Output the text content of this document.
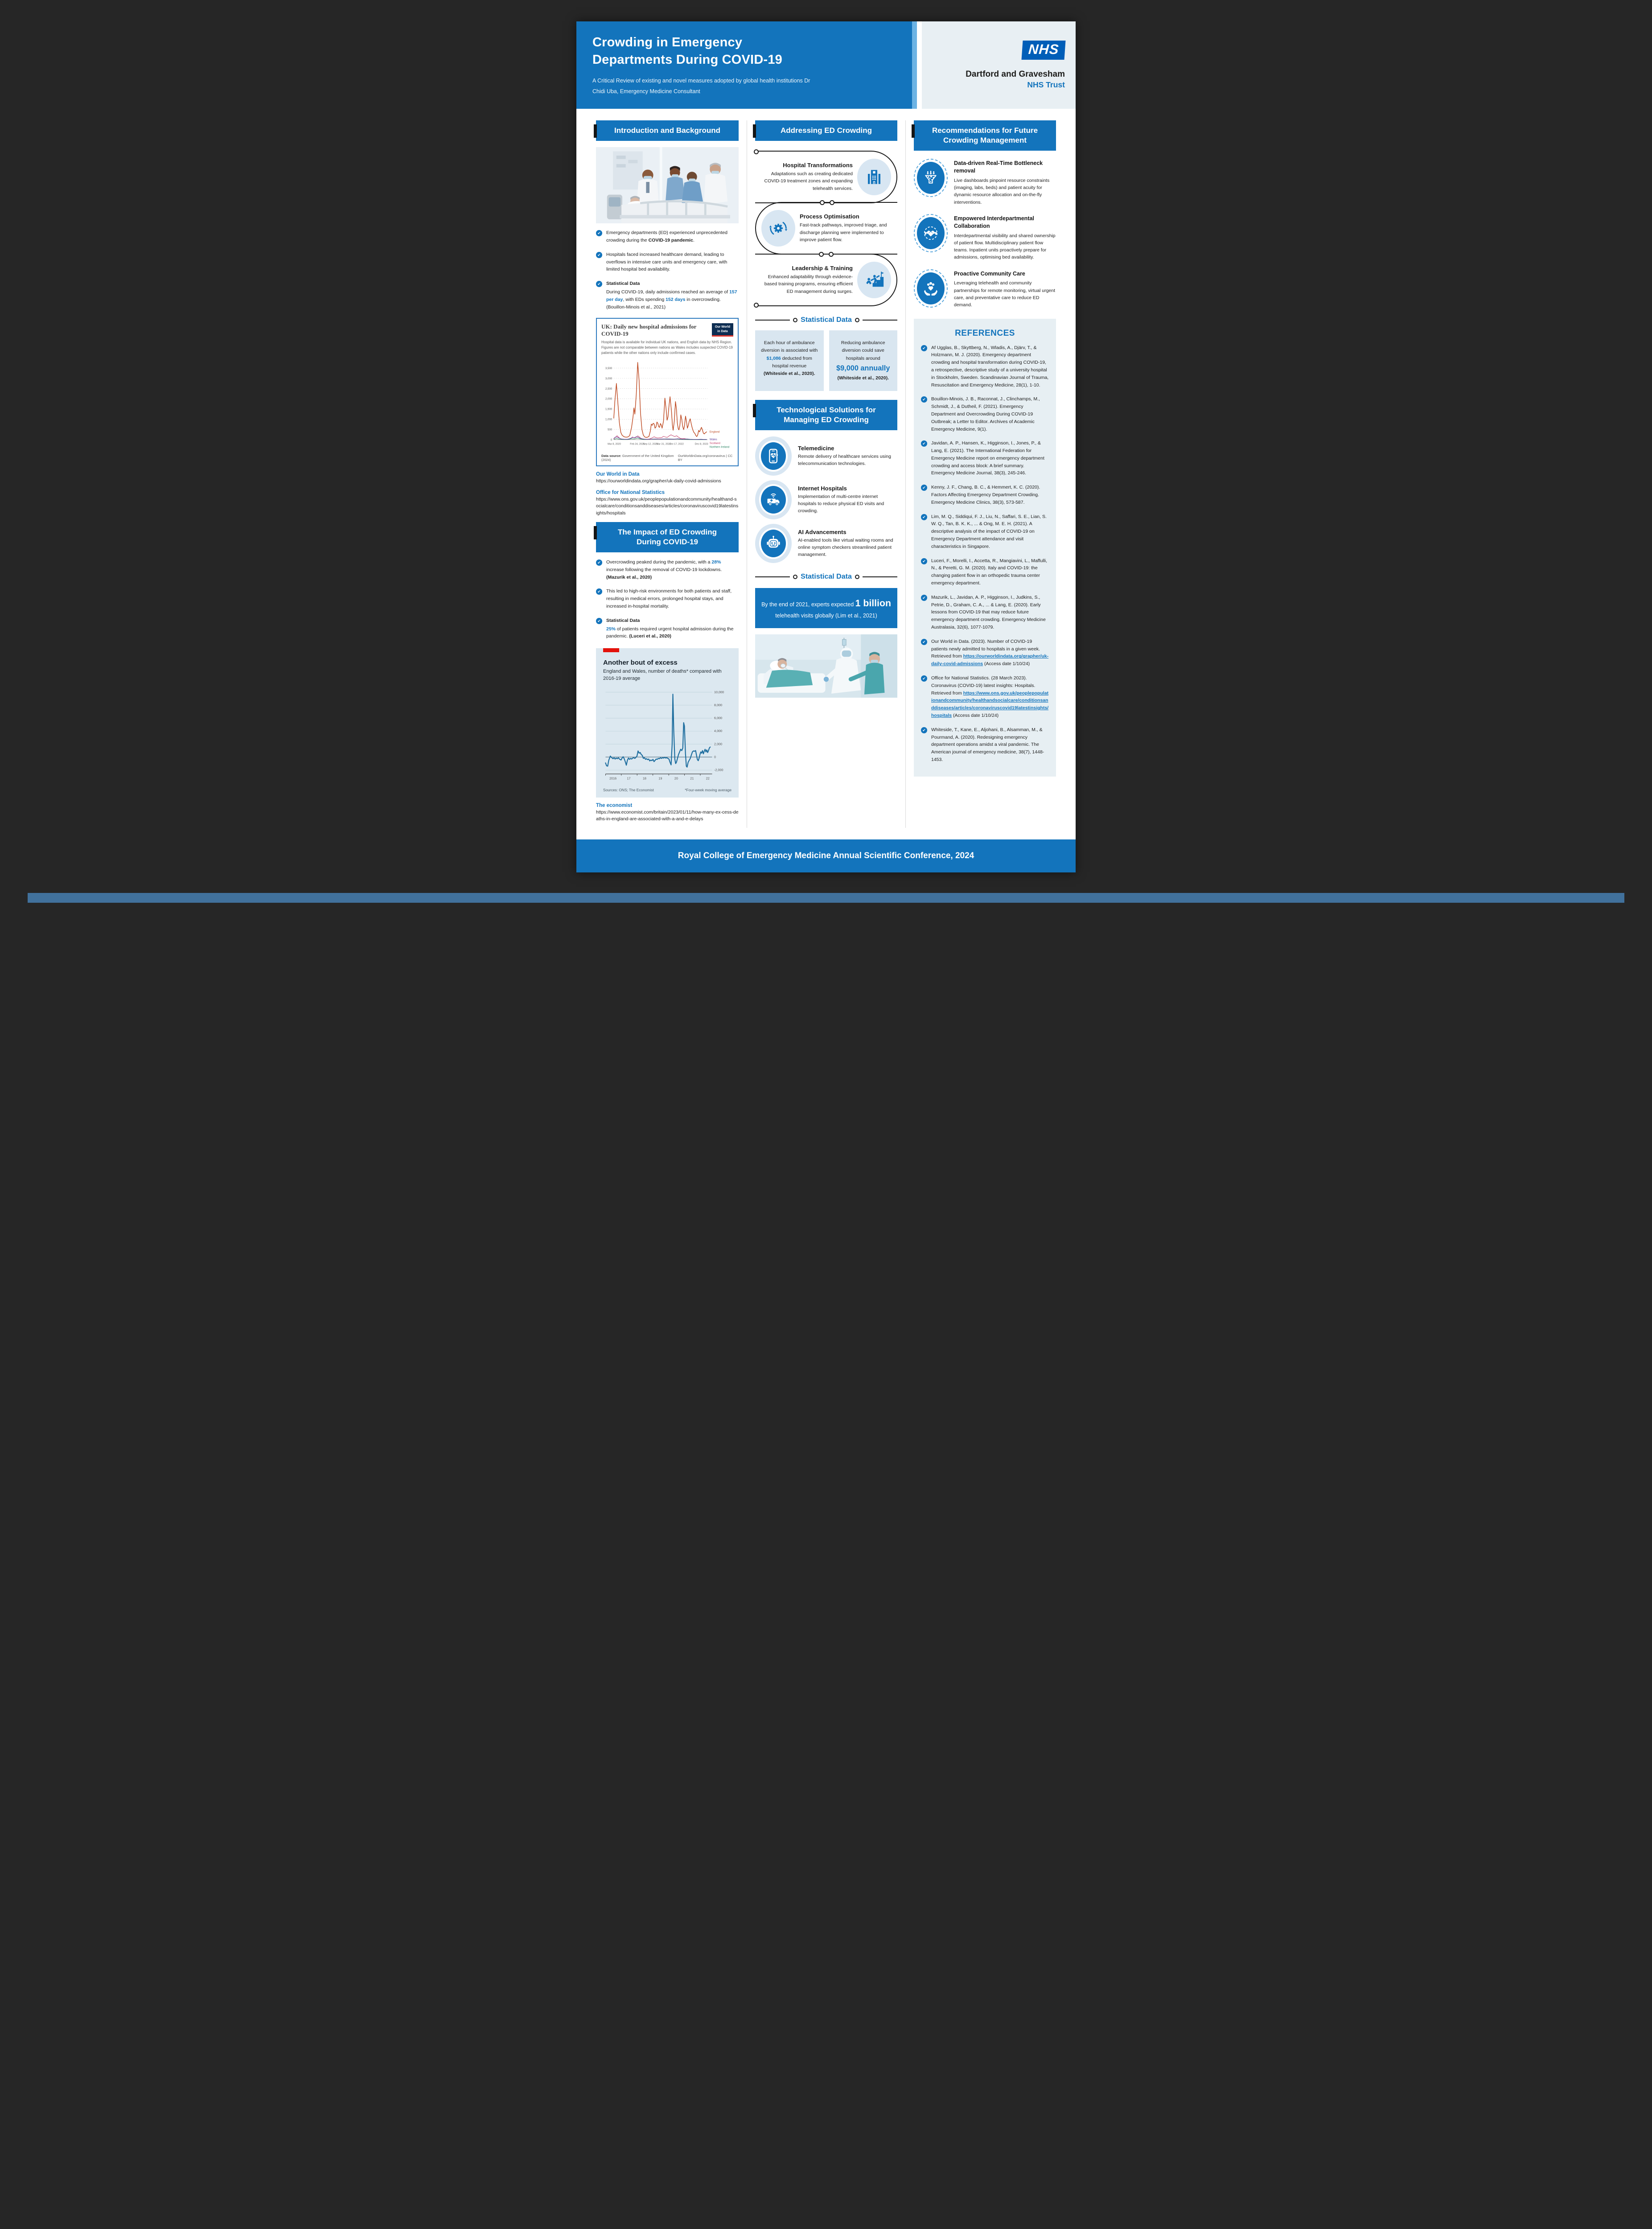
Crowding in Emergency
Departments During COVID-19

A Critical Review of existing and novel measures adopted by global health institutions Dr Chidi Uba, Emergency Medicine Consultant

NHS
Dartford and Gravesham
NHS Trust
Introduction and Background
✔	Emergency departments (ED) experienced unprecedented crowding during the COVID-19 pandemic.
✔	Hospitals faced increased healthcare demand, leading to overflows in intensive care units and emergency care, with limited hospital bed availability.
✔	Statistical Data
During COVID-19, daily admissions reached an average of 157 per day, with EDs spending 152 days in overcrowding. (Bouillon-Minois et al., 2021)
UK: Daily new hospital admissions for COVID-19
Our World
in Data
Hospital data is available for individual UK nations, and English data by NHS Region. Figures are not comparable between nations as Wales includes suspected COVID-19 patients while the other nations only include confirmed cases.
0
500
1,000
1,500
2,000
2,500
3,000
3,500
Mar 8, 2020	Feb 24, 2021
Sep 12, 2021
Mar 31, 2022
Oct 17, 2022	Dec 8, 2023
England
Wales
Scotland
Northern Ireland
Data source: Government of the United Kingdom (2024)
OurWorldinData.org/coronavirus | CC BY
Our World in Data
https://ourworldindata.org/grapher/uk-daily-covid-admissions
Office for National Statistics
https://www.ons.gov.uk/peoplepopulationandcommunity/healthand-socialcare/conditionsanddiseases/articles/coronaviruscovid19latestinsights/hospitals
The Impact of ED Crowding
During COVID-19
✔	Overcrowding peaked during the pandemic, with a 28% increase following the removal of COVID-19 lockdowns. (Mazurik et al., 2020)
✔	This led to high-risk environments for both patients and staff, resulting in medical errors, prolonged hospital stays, and increased in-hospital mortality.
✔	Statistical Data
25% of patients required urgent hospital admission during the pandemic. (Luceri et al., 2020)
Another bout of excess
England and Wales, number of deaths* compared with 2016-19 average
10,000
8,000
6,000
4,000
2,000
0
-2,000
2016	17	18	19	20	21	22
Sources: ONS; The Economist	*Four-week moving average
The economist
https://www.economist.com/britain/2023/01/11/how-many-ex-cess-deaths-in-england-are-associated-with-a-and-e-delays
Addressing ED Crowding
Hospital Transformations
Adaptations such as creating dedicated COVID-19 treatment zones and expanding telehealth services.
Process Optimisation
Fast-track pathways, improved triage, and discharge planning were implemented to improve patient flow.
Leadership & Training
Enhanced adaptability through evidence-based training programs, ensuring efficient ED management during surges.
Statistical Data
Each hour of ambulance diversion is associated with $1,086 deducted from hospital revenue (Whiteside et al., 2020).
Reducing ambulance diversion could save hospitals around $9,000 annually (Whiteside et al., 2020).
Technological Solutions for
Managing ED Crowding
Telemedicine
Remote delivery of healthcare services using telecommunication technologies.
Internet Hospitals
Implementation of multi-centre internet hospitals to reduce physical ED visits and crowding.
AI Advancements
AI-enabled tools like virtual waiting rooms and online symptom checkers streamlined patient management.
Statistical Data
By the end of 2021, experts expected 1 billion telehealth visits globally (Lim et al., 2021)
Recommendations for Future
Crowding Management
Data-driven Real-Time Bottleneck removal
Live dashboards pinpoint resource constraints (imaging, labs, beds) and patient acuity for dynamic resource allocation and on-the-fly interventions.
Empowered Interdepartmental Collaboration
Interdepartmental visibility and shared ownership of patient flow. Multidisciplinary patient flow teams. Inpatient units proactively prepare for admissions, optimising bed availability.
Proactive Community Care
Leveraging telehealth and community partnerships for remote monitoring, virtual urgent care, and preventative care to reduce ED demand.
REFERENCES
✔	Af Ugglas, B., Skyttberg, N., Wladis, A., Djärv, T., & Holzmann, M. J. (2020). Emergency department crowding and hospital transformation during COVID-19, a retrospective, descriptive study of a university hospital in Stockholm, Sweden. Scandinavian Journal of Trauma, Resuscitation and Emergency Medicine, 28(1), 1-10.
✔	Bouillon-Minois, J. B., Raconnat, J., Clinchamps, M., Schmidt, J., & Dutheil, F. (2021). Emergency Department and Overcrowding During COVID-19 Outbreak; a Letter to Editor. Archives of Academic Emergency Medicine, 9(1).
✔	Javidan, A. P., Hansen, K., Higginson, I., Jones, P., & Lang, E. (2021). The International Federation for Emergency Medicine report on emergency department crowding and access block: A brief summary. Emergency Medicine Journal, 38(3), 245-246.
✔	Kenny, J. F., Chang, B. C., & Hemmert, K. C. (2020). Factors Affecting Emergency Department Crowding. Emergency Medicine Clinics, 38(3), 573-587.
✔	Lim, M. Q., Siddiqui, F. J., Liu, N., Saffari, S. E., Lian, S. W. Q., Tan, B. K. K., ... & Ong, M. E. H. (2021). A descriptive analysis of the impact of COVID-19 on Emergency Department attendance and visit characteristics in Singapore.
✔	Luceri, F., Morelli, I., Accetta, R., Mangiavini, L., Maffulli, N., & Peretti, G. M. (2020). Italy and COVID-19: the changing patient flow in an orthopedic trauma center emergency department.
✔	Mazurik, L., Javidan, A. P., Higginson, I., Judkins, S., Petrie, D., Graham, C. A., ... & Lang, E. (2020). Early lessons from COVID-19 that may reduce future emergency department crowding. Emergency Medicine Australasia, 32(6), 1077-1079.
✔	Our World in Data. (2023). Number of COVID-19 patients newly admitted to hospitals in a given week. Retrieved from https://ourworldindata.org/grapher/uk-daily-covid-admissions (Access date 1/10/24)
✔	Office for National Statistics. (28 March 2023). Coronavirus (COVID-19) latest insights: Hospitals. Retrieved from https://www.ons.gov.uk/peoplepopulationandcommunity/healthandsocialcare/conditionsanddiseases/articles/coronaviruscovid19latestinsights/hospitals (Access date 1/10/24)
✔	Whiteside, T., Kane, E., Aljohani, B., Alsamman, M., & Pourmand, A. (2020). Redesigning emergency department operations amidst a viral pandemic. The American journal of emergency medicine, 38(7), 1448-1453.
Royal College of Emergency Medicine Annual Scientific Conference, 2024
